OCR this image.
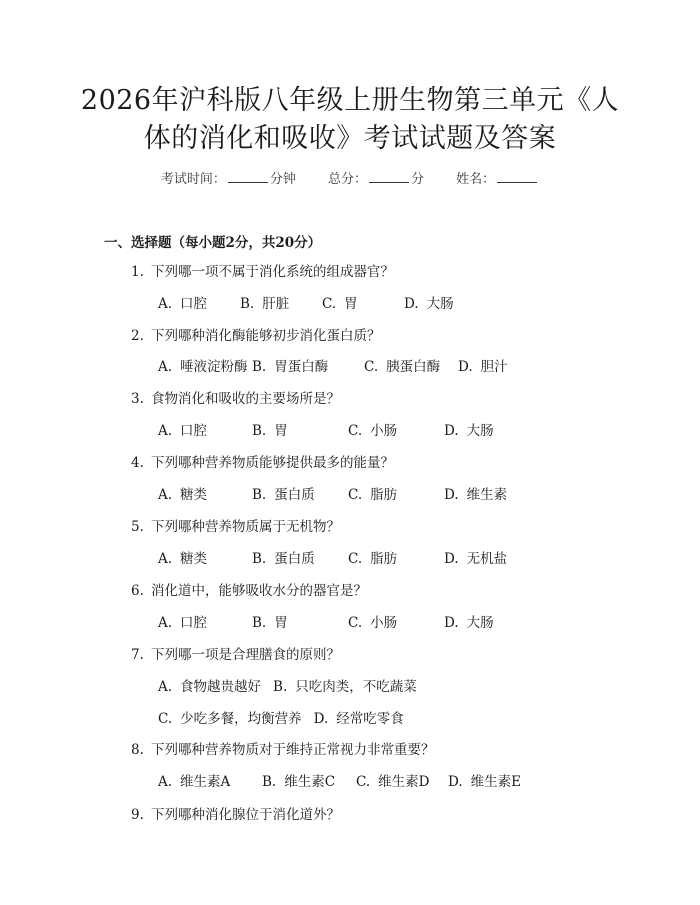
2026年沪科版八年级上册生物第三单元《人
体的消化和吸收》考试试题及答案
考试时间：	分钟 总分：	分 姓名：
一、选择题（每小题2分，共20分）
1. 下列哪一项不属于消化系统的组成器官？
A. 口腔 B. 肝脏 C. 胃	D. 大肠
2. 下列哪种消化酶能够初步消化蛋白质？
A. 唾液淀粉酶 B. 胃蛋白酶	C. 胰蛋白酶 D. 胆汁
3. 食物消化和吸收的主要场所是？
A. 口腔	B. 胃	C. 小肠	D. 大肠
4. 下列哪种营养物质能够提供最多的能量？
A. 糖类	B. 蛋白质 C. 脂肪	D. 维生素
5. 下列哪种营养物质属于无机物？
A. 糖类	B. 蛋白质 C. 脂肪	D. 无机盐
6. 消化道中，能够吸收水分的器官是？
A. 口腔	B. 胃	C. 小肠	D. 大肠
7. 下列哪一项是合理膳食的原则？
A. 食物越贵越好 B. 只吃肉类，不吃蔬菜
C. 少吃多餐，均衡营养 D. 经常吃零食
8. 下列哪种营养物质对于维持正常视力非常重要？
A. 维生素A B. 维生素C C. 维生素D D. 维生素E
9. 下列哪种消化腺位于消化道外？
